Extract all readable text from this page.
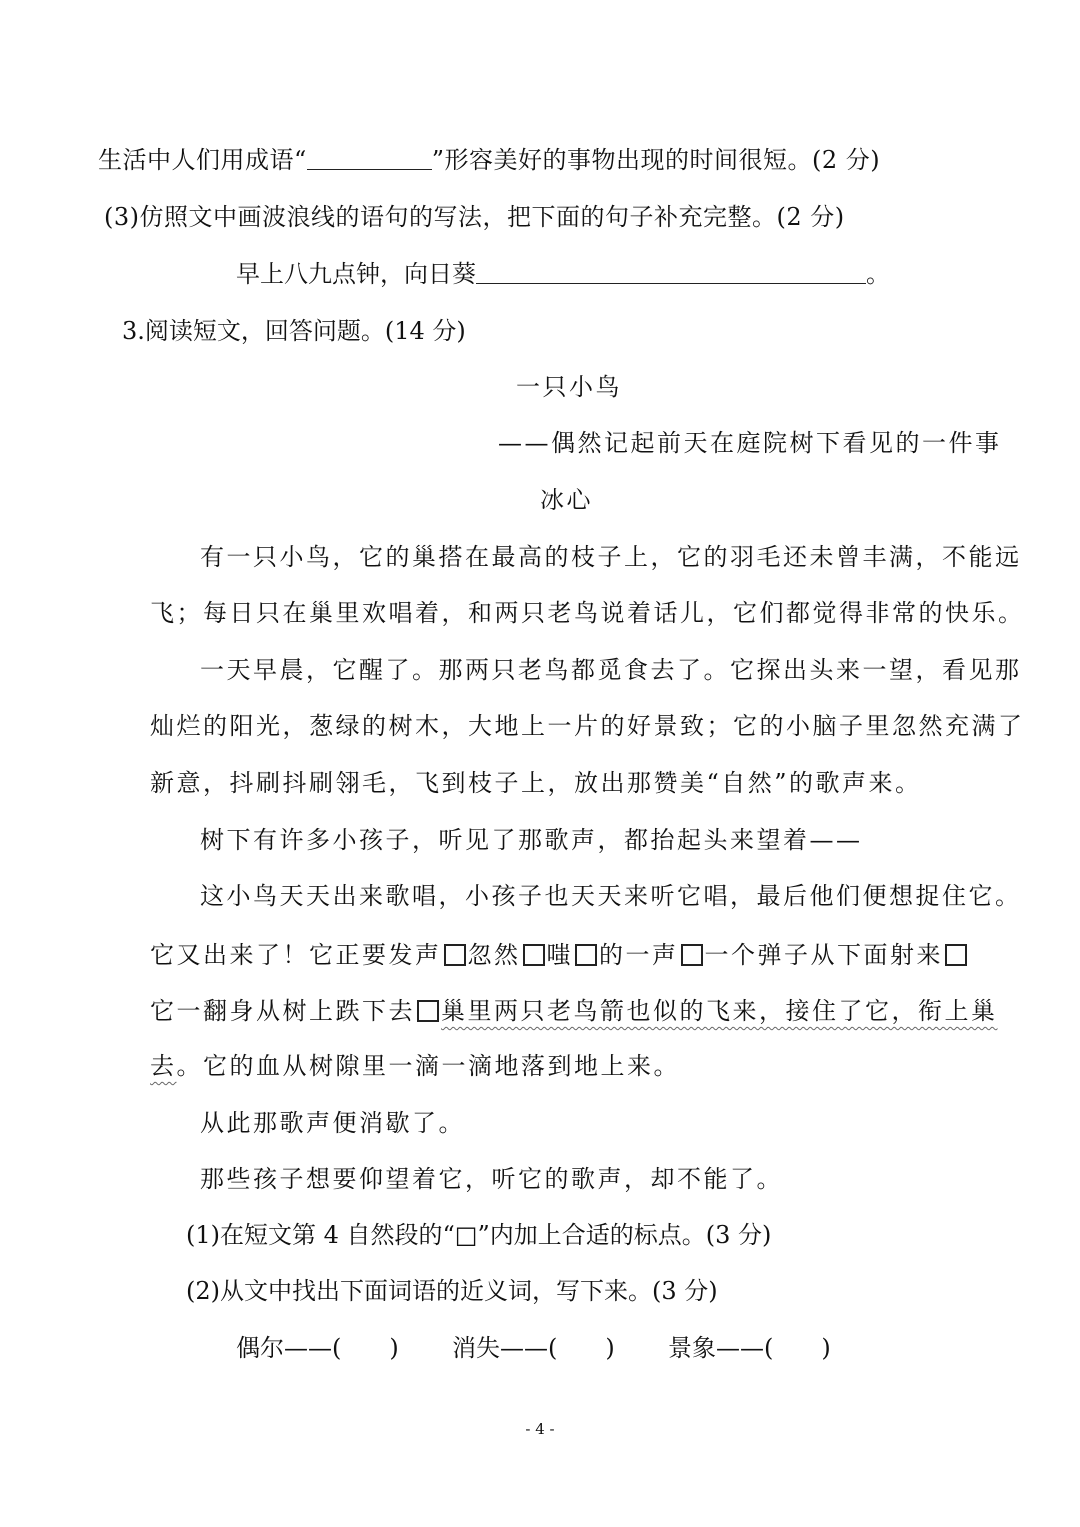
生活中人们用成语“	”形容美好的事物出现的时间很短。(2 分)
(3)仿照文中画波浪线的语句的写法，把下面的句子补充完整。(2 分)
早上八九点钟，向日葵	。
3.阅读短文，回答问题。(14 分)
一只小鸟
——偶然记起前天在庭院树下看见的一件事
冰心
有一只小鸟，它的巢搭在最高的枝子上，它的羽毛还未曾丰满，不能远
飞；每日只在巢里欢唱着，和两只老鸟说着话儿，它们都觉得非常的快乐。
一天早晨，它醒了。那两只老鸟都觅食去了。它探出头来一望，看见那
灿烂的阳光，葱绿的树木，大地上一片的好景致；它的小脑子里忽然充满了
新意，抖刷抖刷翎毛，飞到枝子上，放出那赞美“自然”的歌声来。
树下有许多小孩子，听见了那歌声，都抬起头来望着——
这小鸟天天出来歌唱，小孩子也天天来听它唱，最后他们便想捉住它。
它又出来了！它正要发声 忽然 嗤 的一声 一个弹子从下面射来
它一翻身从树上跌下去 巢里两只老鸟箭也似的飞来，接住了它，衔上巢
去。它的血从树隙里一滴一滴地落到地上来。
从此那歌声便消歇了。
那些孩子想要仰望着它，听它的歌声，却不能了。
(1)在短文第 4 自然段的“□”内加上合适的标点。(3 分)
(2)从文中找出下面词语的近义词，写下来。(3 分)
偶尔——(　　) 消失——(　　) 景象——(　　)
- 4 -
